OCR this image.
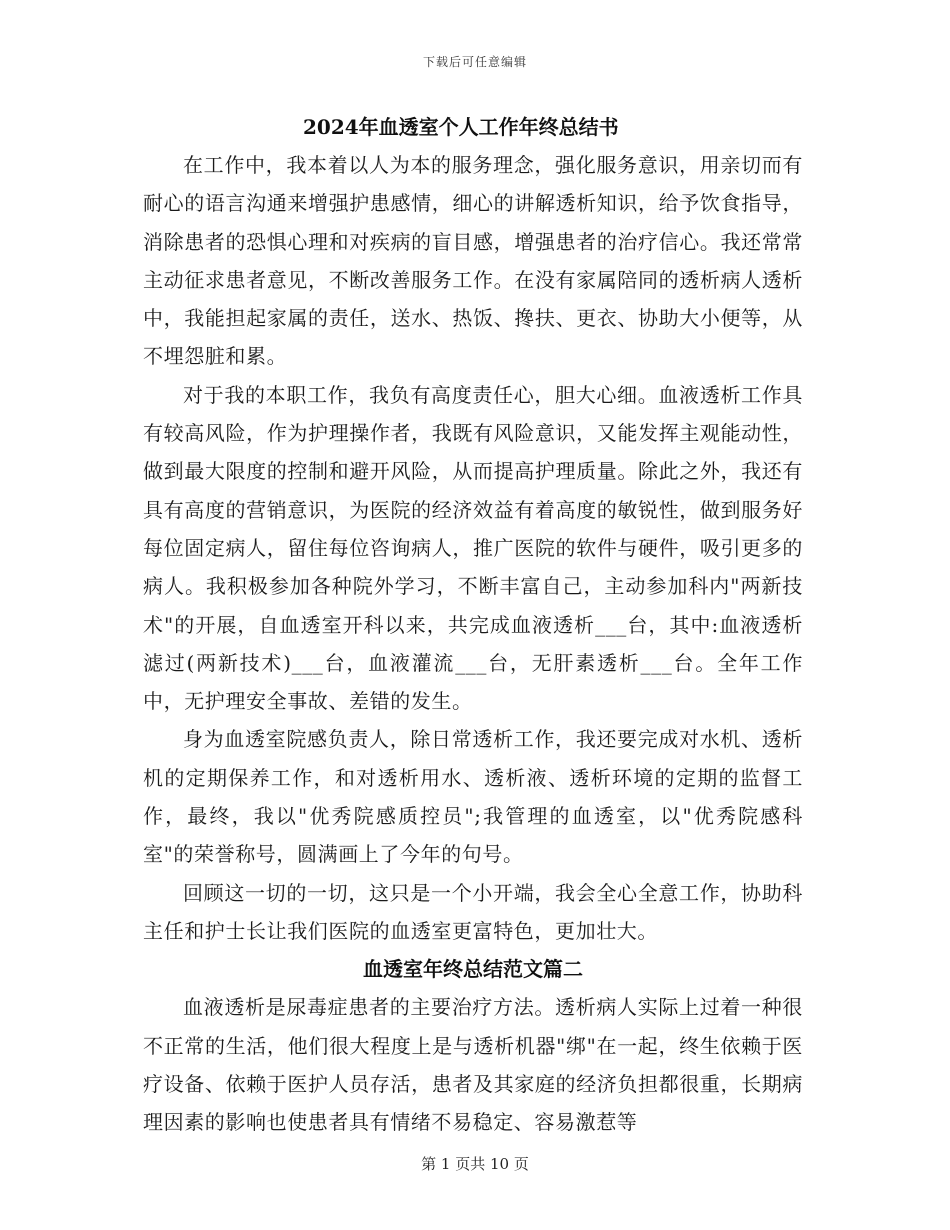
下载后可任意编辑
2024年血透室个人工作年终总结书

在工作中，我本着以人为本的服务理念，强化服务意识，用亲切而有耐心的语言沟通来增强护患感情，细心的讲解透析知识，给予饮食指导，消除患者的恐惧心理和对疾病的盲目感，增强患者的治疗信心。我还常常主动征求患者意见，不断改善服务工作。在没有家属陪同的透析病人透析中，我能担起家属的责任，送水、热饭、搀扶、更衣、协助大小便等，从不埋怨脏和累。

对于我的本职工作，我负有高度责任心，胆大心细。血液透析工作具有较高风险，作为护理操作者，我既有风险意识，又能发挥主观能动性，做到最大限度的控制和避开风险，从而提高护理质量。除此之外，我还有具有高度的营销意识，为医院的经济效益有着高度的敏锐性，做到服务好每位固定病人，留住每位咨询病人，推广医院的软件与硬件，吸引更多的病人。我积极参加各种院外学习，不断丰富自己，主动参加科内"两新技术"的开展，自血透室开科以来，共完成血液透析___台，其中:血液透析滤过(两新技术)___台，血液灌流___台，无肝素透析___台。全年工作中，无护理安全事故、差错的发生。

身为血透室院感负责人，除日常透析工作，我还要完成对水机、透析机的定期保养工作，和对透析用水、透析液、透析环境的定期的监督工作，最终，我以"优秀院感质控员";我管理的血透室，以"优秀院感科室"的荣誉称号，圆满画上了今年的句号。

回顾这一切的一切，这只是一个小开端，我会全心全意工作，协助科主任和护士长让我们医院的血透室更富特色，更加壮大。

血透室年终总结范文篇二

血液透析是尿毒症患者的主要治疗方法。透析病人实际上过着一种很不正常的生活，他们很大程度上是与透析机器"绑"在一起，终生依赖于医疗设备、依赖于医护人员存活，患者及其家庭的经济负担都很重，长期病理因素的影响也使患者具有情绪不易稳定、容易激惹等

第 1 页共 10 页
